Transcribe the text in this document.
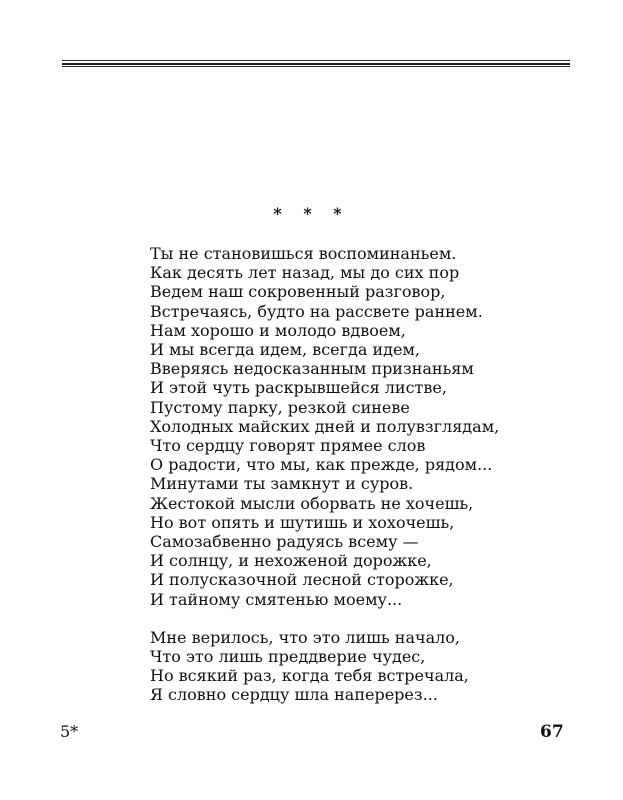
* * *
Ты не становишься воспоминаньем.
Как десять лет назад, мы до сих пор
Ведем наш сокровенный разговор,
Встречаясь, будто на рассвете раннем.
Нам хорошо и молодо вдвоем,
И мы всегда идем, всегда идем,
Вверяясь недосказанным признаньям
И этой чуть раскрывшейся листве,
Пустому парку, резкой синеве
Холодных майских дней и полувзглядам,
Что сердцу говорят прямее слов
О радости, что мы, как прежде, рядом...
Минутами ты замкнут и суров.
Жестокой мысли оборвать не хочешь,
Но вот опять и шутишь и хохочешь,
Самозабвенно радуясь всему —
И солнцу, и нехоженой дорожке,
И полусказочной лесной сторожке,
И тайному смятенью моему...
Мне верилось, что это лишь начало,
Что это лишь преддверие чудес,
Но всякий раз, когда тебя встречала,
Я словно сердцу шла наперерез...
5*	67
